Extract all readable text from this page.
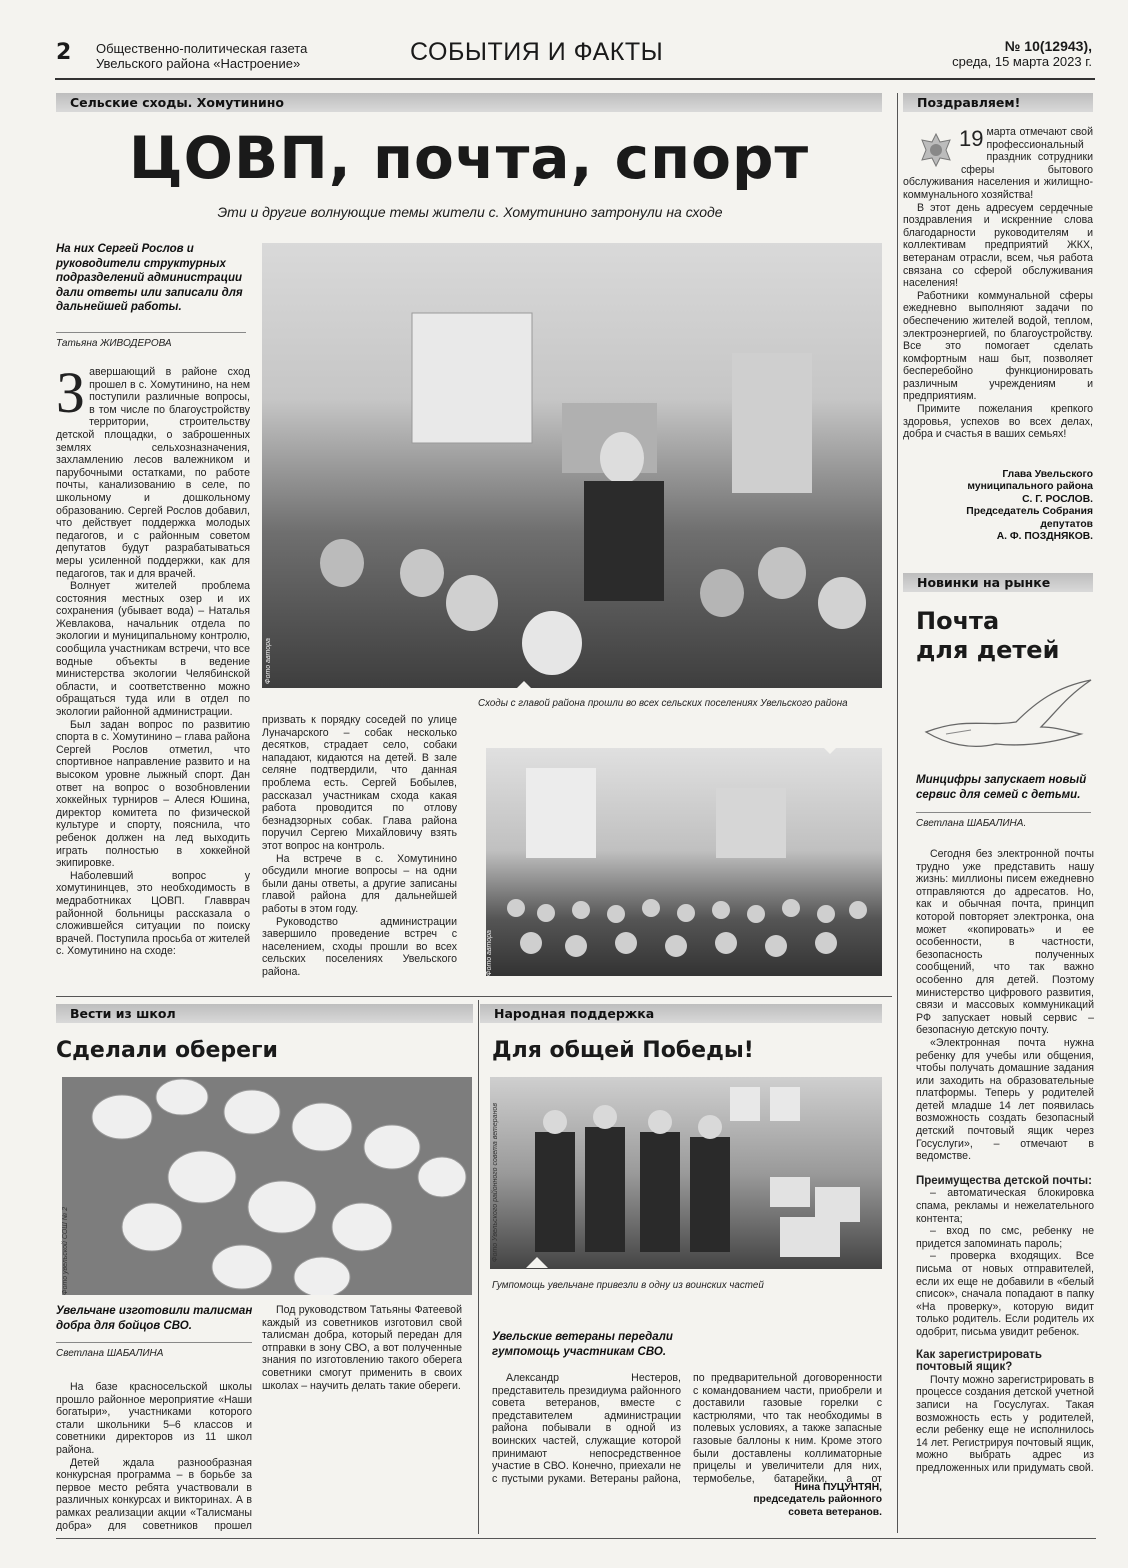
2 Общественно-политическая газета
Увельского района «Настроение»	СОБЫТИЯ И ФАКТЫ	№ 10(12943),
среда, 15 марта 2023 г.
Сельские сходы. Хомутинино
ЦОВП, почта, спорт
Эти и другие волнующие темы жители с. Хомутинино затронули на сходе
На них Сергей Рослов и руководители структурных подразделений администрации дали ответы или записали для дальнейшей работы.
Татьяна ЖИВОДЕРОВА
Фото автора
Сходы с главой района прошли во всех сельских поселениях Увельского района

Завершающий в районе сход прошел в с. Хомутинино, на нем поступили различные вопросы, в том числе по благоустройству территории, строительству детской площадки, о заброшенных землях сельхозназначения, захламлению лесов валежником и парубочными остатками, по работе почты, канализованию в селе, по школьному и дошкольному образованию. Сергей Рослов добавил, что действует поддержка молодых педагогов, и с районным советом депутатов будут разрабатываться меры усиленной поддержки, как для педагогов, так и для врачей.

Волнует жителей проблема состояния местных озер и их сохранения (убывает вода) – Наталья Жевлакова, начальник отдела по экологии и муниципальному контролю, сообщила участникам встречи, что все водные объекты в ведение министерства экологии Челябинской области, и соответственно можно обращаться туда или в отдел по экологии районной администрации.

Был задан вопрос по развитию спорта в с. Хомутинино – глава района Сергей Рослов отметил, что спортивное направление развито и на высоком уровне лыжный спорт. Дан ответ на вопрос о возобновлении хоккейных турниров – Алеся Юшина, директор комитета по физической культуре и спорту, пояснила, что ребенок должен на лед выходить играть полностью в хоккейной экипировке.

Наболевший вопрос у хомутининцев, это необходимость в медработниках ЦОВП. Главврач районной больницы рассказала о сложившейся ситуации по поиску врачей. Поступила просьба от жителей с. Хомутинино на сходе:

призвать к порядку соседей по улице Луначарского – собак несколько десятков, страдает село, собаки нападают, кидаются на детей. В зале селяне подтвердили, что данная проблема есть. Сергей Бобылев, рассказал участникам схода какая работа проводится по отлову безнадзорных собак. Глава района поручил Сергею Михайловичу взять этот вопрос на контроль.

На встрече в с. Хомутинино обсудили многие вопросы – на одни были даны ответы, а другие записаны главой района для дальнейшей работы в этом году.

Руководство администрации завершило проведение встреч с населением, сходы прошли во всех сельских поселениях Увельского района.	Фото автора
Поздравляем!

19 марта отмечают свой профессиональный праздник сотрудники сферы бытового обслуживания населения и жилищно-коммунального хозяйства!

В этот день адресуем сердечные поздравления и искренние слова благодарности руководителям и коллективам предприятий ЖКХ, ветеранам отрасли, всем, чья работа связана со сферой обслуживания населения!

Работники коммунальной сферы ежедневно выполняют задачи по обеспечению жителей водой, теплом, электроэнергией, по благоустройству. Все это помогает сделать комфортным наш быт, позволяет бесперебойно функционировать различным учреждениям и предприятиям.

Примите пожелания крепкого здоровья, успехов во всех делах, добра и счастья в ваших семьях!

Глава Увельского
муниципального района
С. Г. РОСЛОВ.
Председатель Собрания
депутатов
А. Ф. ПОЗДНЯКОВ.
Новинки на рынке
Почта
для детей
Минцифры запускает новый сервис для семей с детьми.
Светлана ШАБАЛИНА.

Сегодня без электронной почты трудно уже представить нашу жизнь: миллионы писем ежедневно отправляются до адресатов. Но, как и обычная почта, принцип которой повторяет электронка, она может «копировать» и ее особенности, в частности, безопасность полученных сообщений, что так важно особенно для детей. Поэтому министерство цифрового развития, связи и массовых коммуникаций РФ запускает новый сервис – безопасную детскую почту.

«Электронная почта нужна ребенку для учебы или общения, чтобы получать домашние задания или заходить на образовательные платформы. Теперь у родителей детей младше 14 лет появилась возможность создать безопасный детский почтовый ящик через Госуслуги», – отмечают в ведомстве.

Преимущества детской почты:

– автоматическая блокировка спама, рекламы и нежелательного контента;

– вход по смс, ребенку не придется запоминать пароль;

– проверка входящих. Все письма от новых отправителей, если их еще не добавили в «белый список», сначала попадают в папку «На проверку», которую видит только родитель. Если родитель их одобрит, письма увидит ребенок.

Как зарегистрировать почтовый ящик?

Почту можно зарегистрировать в процессе создания детской учетной записи на Госуслугах. Такая возможность есть у родителей, если ребенку еще не исполнилось 14 лет. Регистрируя почтовый ящик, можно выбрать адрес из предложенных или придумать свой.

Вести из школ
Сделали обереги
Фото увельской СОШ № 2
Увельчане изготовили талисман добра для бойцов СВО.
Светлана ШАБАЛИНА

На базе красносельской школы прошло районное мероприятие «Наши богатыри», участниками которого стали школьники 5–6 классов и советники директоров из 11 школ района.

Детей ждала разнообразная конкурсная программа – в борьбе за первое место ребята участвовали в различных конкурсах и викторинах. А в рамках реализации акции «Талисманы добра» для советников прошел

Под руководством Татьяны Фатеевой каждый из советников изготовил свой талисман добра, который передан для отправки в зону СВО, а вот полученные знания по изготовлению такого оберега советники смогут применить в своих школах – научить делать такие обереги.

Народная поддержка
Для общей Победы!
Фото Увельского районного совета ветеранов
Гумпомощь увельчане привезли в одну из воинских частей
Увельские ветераны передали гумпомощь участникам СВО.

Александр Нестеров, представитель президиума районного совета ветеранов, вместе с представителем администрации района побывали в одной из воинских частей, служащие которой принимают непосредственное участие в СВО. Конечно, приехали не с пустыми руками. Ветераны района, по предварительной договоренности с командованием части, приобрели и доставили газовые горелки с кастрюлями, что так необходимы в полевых условиях, а также запасные газовые баллоны к ним. Кроме этого были доставлены коллиматорные прицелы и увеличители для них, термобелье, батарейки, а от

Нина ПУЦУНТЯН,
председатель районного
совета ветеранов.
